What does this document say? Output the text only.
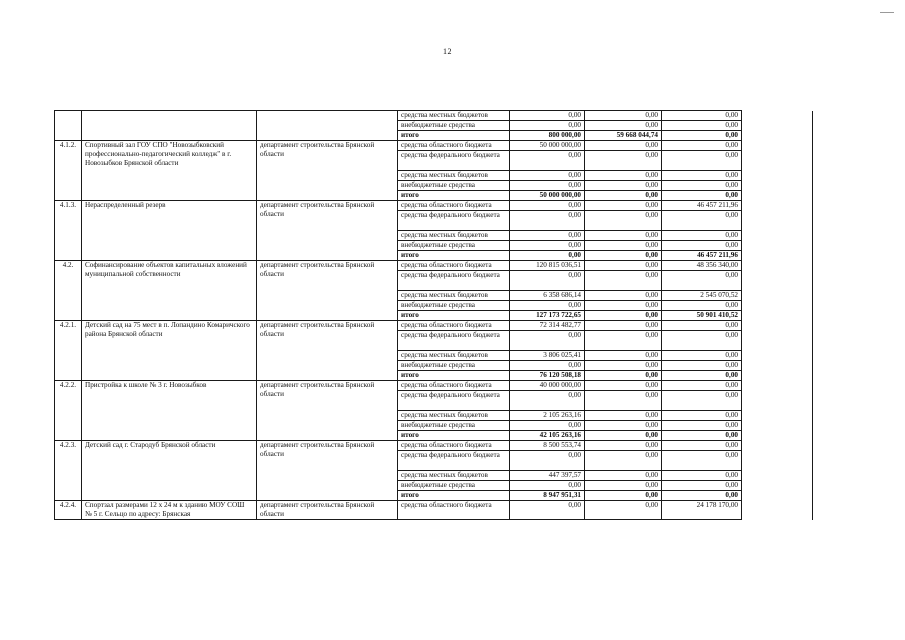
12
			средства местных бюджетов	0,00	0,00	0,00	
			внебюджетные средства	0,00	0,00	0,00	
			итого	800 000,00	59 668 044,74	0,00	
4.1.2.	Спортивный зал ГОУ СПО "Новозыбковский профессионально-педагогический колледж" в г. Новозыбков Брянской области	департамент строительства Брянской области	средства областного бюджета	50 000 000,00	0,00	0,00	
			средства федерального бюджета	0,00	0,00	0,00	
			средства местных бюджетов	0,00	0,00	0,00	
			внебюджетные средства	0,00	0,00	0,00	
			итого	50 000 000,00	0,00	0,00	
4.1.3.	Нераспределенный резерв	департамент строительства Брянской области	средства областного бюджета	0,00	0,00	46 457 211,96	
			средства федерального бюджета	0,00	0,00	0,00	
			средства местных бюджетов	0,00	0,00	0,00	
			внебюджетные средства	0,00	0,00	0,00	
			итого	0,00	0,00	46 457 211,96	
4.2.	Софинансирование объектов капитальных вложений муниципальной собственности	департамент строительства Брянской области	средства областного бюджета	120 815 036,51	0,00	48 356 340,00	
			средства федерального бюджета	0,00	0,00	0,00	
			средства местных бюджетов	6 358 686,14	0,00	2 545 070,52	
			внебюджетные средства	0,00	0,00	0,00	
			итого	127 173 722,65	0,00	50 901 410,52	
4.2.1.	Детский сад на 75 мест в п. Лопандино Комаричского района Брянской области	департамент строительства Брянской области	средства областного бюджета	72 314 482,77	0,00	0,00	
			средства федерального бюджета	0,00	0,00	0,00	
			средства местных бюджетов	3 806 025,41	0,00	0,00	
			внебюджетные средства	0,00	0,00	0,00	
			итого	76 120 508,18	0,00	0,00	
4.2.2.	Пристройка к школе № 3 г. Новозыбков	департамент строительства Брянской области	средства областного бюджета	40 000 000,00	0,00	0,00	
			средства федерального бюджета	0,00	0,00	0,00	
			средства местных бюджетов	2 105 263,16	0,00	0,00	
			внебюджетные средства	0,00	0,00	0,00	
			итого	42 105 263,16	0,00	0,00	
4.2.3.	Детский сад г. Стародуб Брянской области	департамент строительства Брянской области	средства областного бюджета	8 500 553,74	0,00	0,00	
			средства федерального бюджета	0,00	0,00	0,00	
			средства местных бюджетов	447 397,57	0,00	0,00	
			внебюджетные средства	0,00	0,00	0,00	
			итого	8 947 951,31	0,00	0,00	
4.2.4.	Спортзал размерами 12 х 24 м к зданию МОУ СОШ № 5 г. Сельцо по адресу: Брянская	департамент строительства Брянской области	средства областного бюджета	0,00	0,00	24 178 170,00	
